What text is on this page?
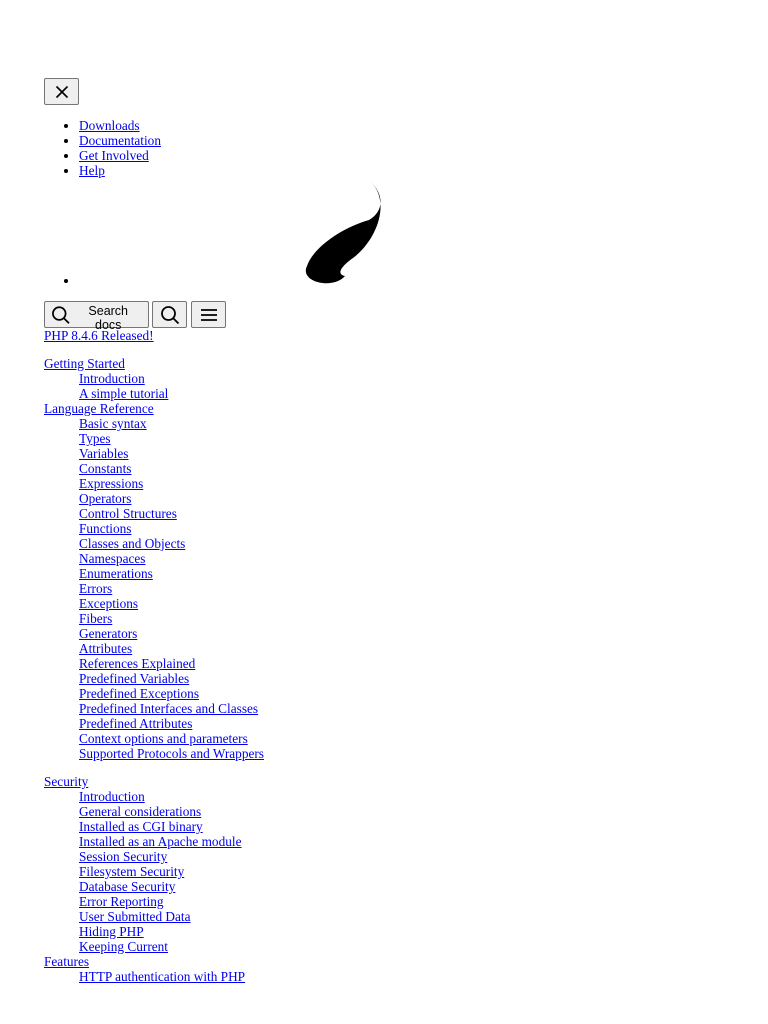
• Downloads
• Documentation
• Get Involved
• Help
Search docs
PHP 8.4.6 Released!
Getting Started
Introduction
A simple tutorial
Language Reference
Basic syntax
Types
Variables
Constants
Expressions
Operators
Control Structures
Functions
Classes and Objects
Namespaces
Enumerations
Errors
Exceptions
Fibers
Generators
Attributes
References Explained
Predefined Variables
Predefined Exceptions
Predefined Interfaces and Classes
Predefined Attributes
Context options and parameters
Supported Protocols and Wrappers
Security
Introduction
General considerations
Installed as CGI binary
Installed as an Apache module
Session Security
Filesystem Security
Database Security
Error Reporting
User Submitted Data
Hiding PHP
Keeping Current
Features
HTTP authentication with PHP
